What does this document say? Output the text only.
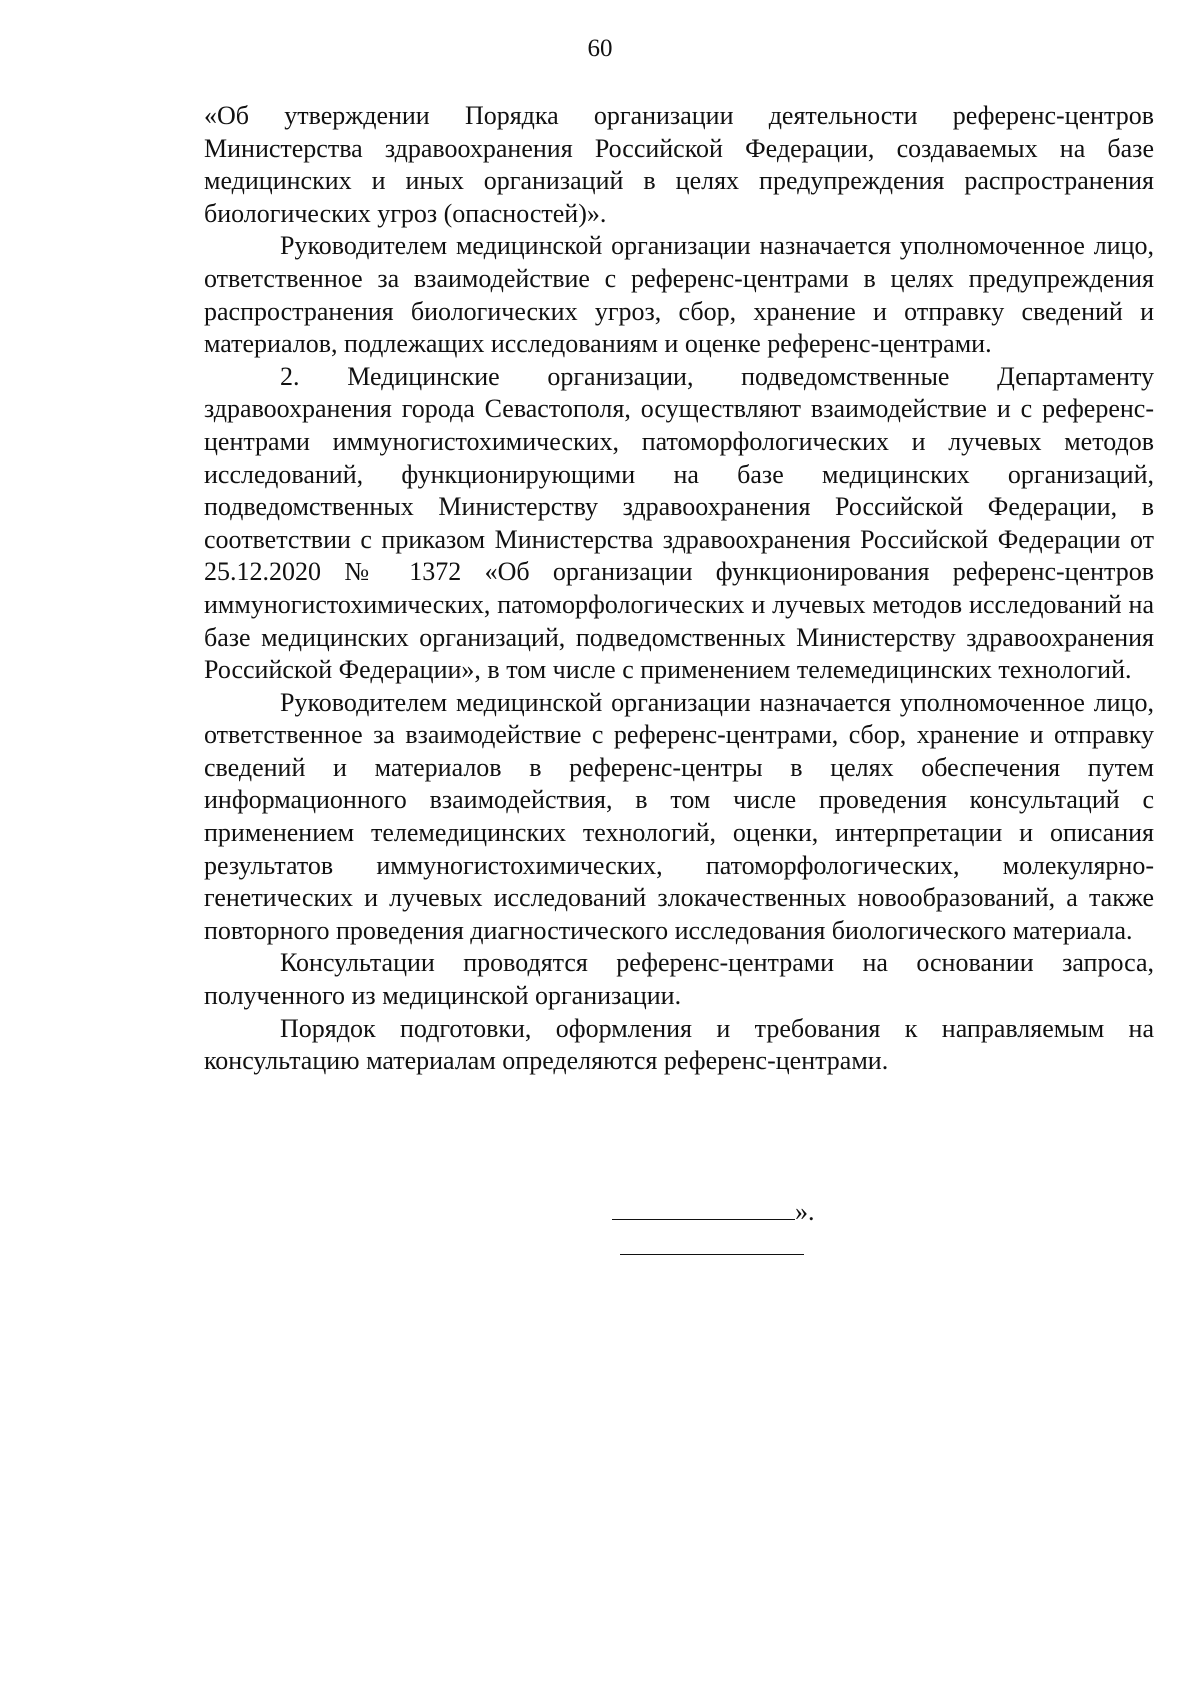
60

«Об утверждении Порядка организации деятельности референс-центров Министерства здравоохранения Российской Федерации, создаваемых на базе медицинских и иных организаций в целях предупреждения распространения биологических угроз (опасностей)».

Руководителем медицинской организации назначается уполномоченное лицо, ответственное за взаимодействие с референс-центрами в целях предупреждения распространения биологических угроз, сбор, хранение и отправку сведений и материалов, подлежащих исследованиям и оценке референс-центрами.

2. Медицинские организации, подведомственные Департаменту здравоохранения города Севастополя, осуществляют взаимодействие и с референс-центрами иммуногистохимических, патоморфологических и лучевых методов исследований, функционирующими на базе медицинских организаций, подведомственных Министерству здравоохранения Российской Федерации, в соответствии с приказом Министерства здравоохранения Российской Федерации от 25.12.2020 № 1372 «Об организации функционирования референс-центров иммуногистохимических, патоморфологических и лучевых методов исследований на базе медицинских организаций, подведомственных Министерству здравоохранения Российской Федерации», в том числе с применением телемедицинских технологий.

Руководителем медицинской организации назначается уполномоченное лицо, ответственное за взаимодействие с референс-центрами, сбор, хранение и отправку сведений и материалов в референс-центры в целях обеспечения путем информационного взаимодействия, в том числе проведения консультаций с применением телемедицинских технологий, оценки, интерпретации и описания результатов иммуногистохимических, патоморфологических, молекулярно-генетических и лучевых исследований злокачественных новообразований, а также повторного проведения диагностического исследования биологического материала.

Консультации проводятся референс-центрами на основании запроса, полученного из медицинской организации.

Порядок подготовки, оформления и требования к направляемым на консультацию материалам определяются референс-центрами.

».
